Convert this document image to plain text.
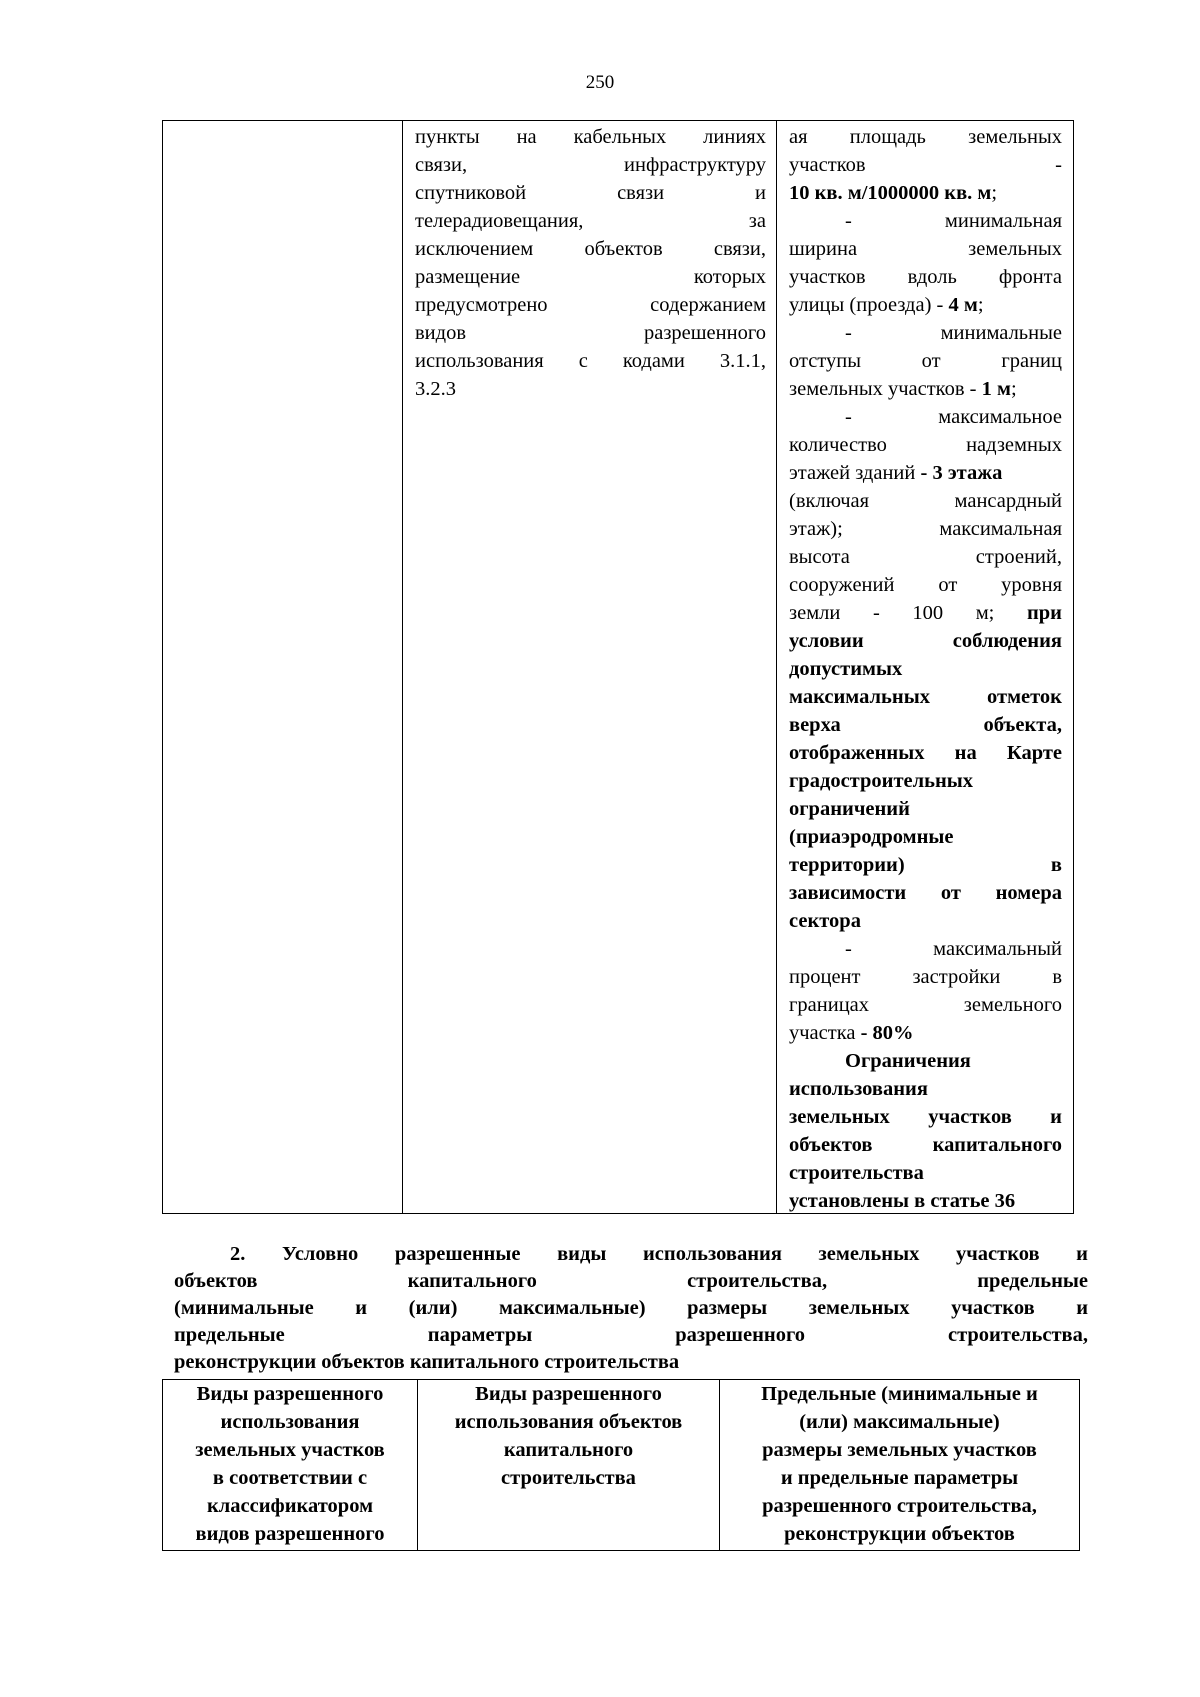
250
пункты на кабельных линиях
связи, инфраструктуру
спутниковой связи и
телерадиовещания, за
исключением объектов связи,
размещение которых
предусмотрено содержанием
видов разрешенного
использования с кодами 3.1.1,
3.2.3
ая площадь земельных
участков -
10 кв. м/1000000 кв. м;
- минимальная
ширина земельных
участков вдоль фронта
улицы (проезда) - 4 м;
- минимальные
отступы от границ
земельных участков - 1 м;
- максимальное
количество надземных
этажей зданий - 3 этажа
(включая мансардный
этаж); максимальная
высота строений,
сооружений от уровня
земли - 100 м; при
условии соблюдения
допустимых
максимальных отметок
верха объекта,
отображенных на Карте
градостроительных
ограничений
(приаэродромные
территории) в
зависимости от номера
сектора
- максимальный
процент застройки в
границах земельного
участка - 80%
Ограничения
использования
земельных участков и
объектов капитального
строительства
установлены в статье 36
2. Условно разрешенные виды использования земельных участков и
объектов капитального строительства, предельные
(минимальные и (или) максимальные) размеры земельных участков и
предельные параметры разрешенного строительства,
реконструкции объектов капитального строительства
Виды разрешенного
использования
земельных участков
в соответствии с
классификатором
видов разрешенного
Виды разрешенного
использования объектов
капитального
строительства
Предельные (минимальные и
(или) максимальные)
размеры земельных участков
и предельные параметры
разрешенного строительства,
реконструкции объектов
